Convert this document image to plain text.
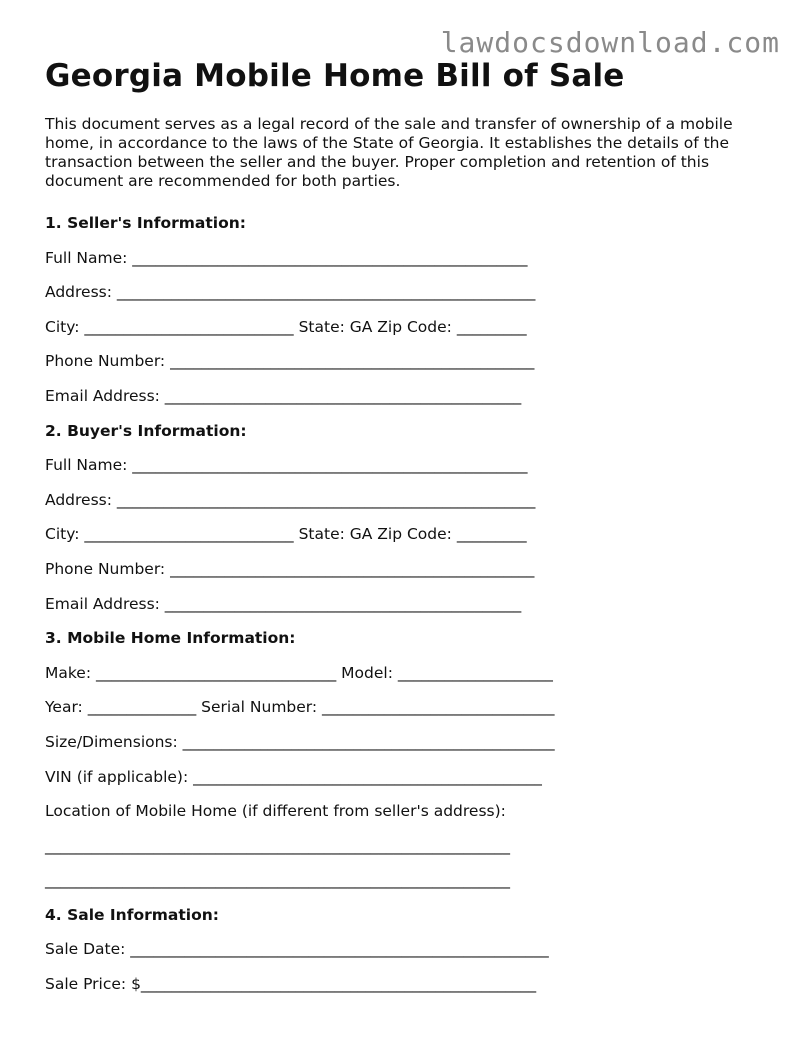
lawdocsdownload.com
Georgia Mobile Home Bill of Sale
This document serves as a legal record of the sale and transfer of ownership of a mobile home, in accordance to the laws of the State of Georgia. It establishes the details of the transaction between the seller and the buyer. Proper completion and retention of this document are recommended for both parties.
1. Seller's Information:
Full Name: ___________________________________________________
Address: ______________________________________________________
City: ___________________________ State: GA Zip Code: _________
Phone Number: _______________________________________________
Email Address: ______________________________________________
2. Buyer's Information:
Full Name: ___________________________________________________
Address: ______________________________________________________
City: ___________________________ State: GA Zip Code: _________
Phone Number: _______________________________________________
Email Address: ______________________________________________
3. Mobile Home Information:
Make: _______________________________ Model: ____________________
Year: ______________ Serial Number: ______________________________
Size/Dimensions: ________________________________________________
VIN (if applicable): _____________________________________________
Location of Mobile Home (if different from seller's address):
____________________________________________________________
____________________________________________________________
4. Sale Information:
Sale Date: ______________________________________________________
Sale Price: $___________________________________________________
